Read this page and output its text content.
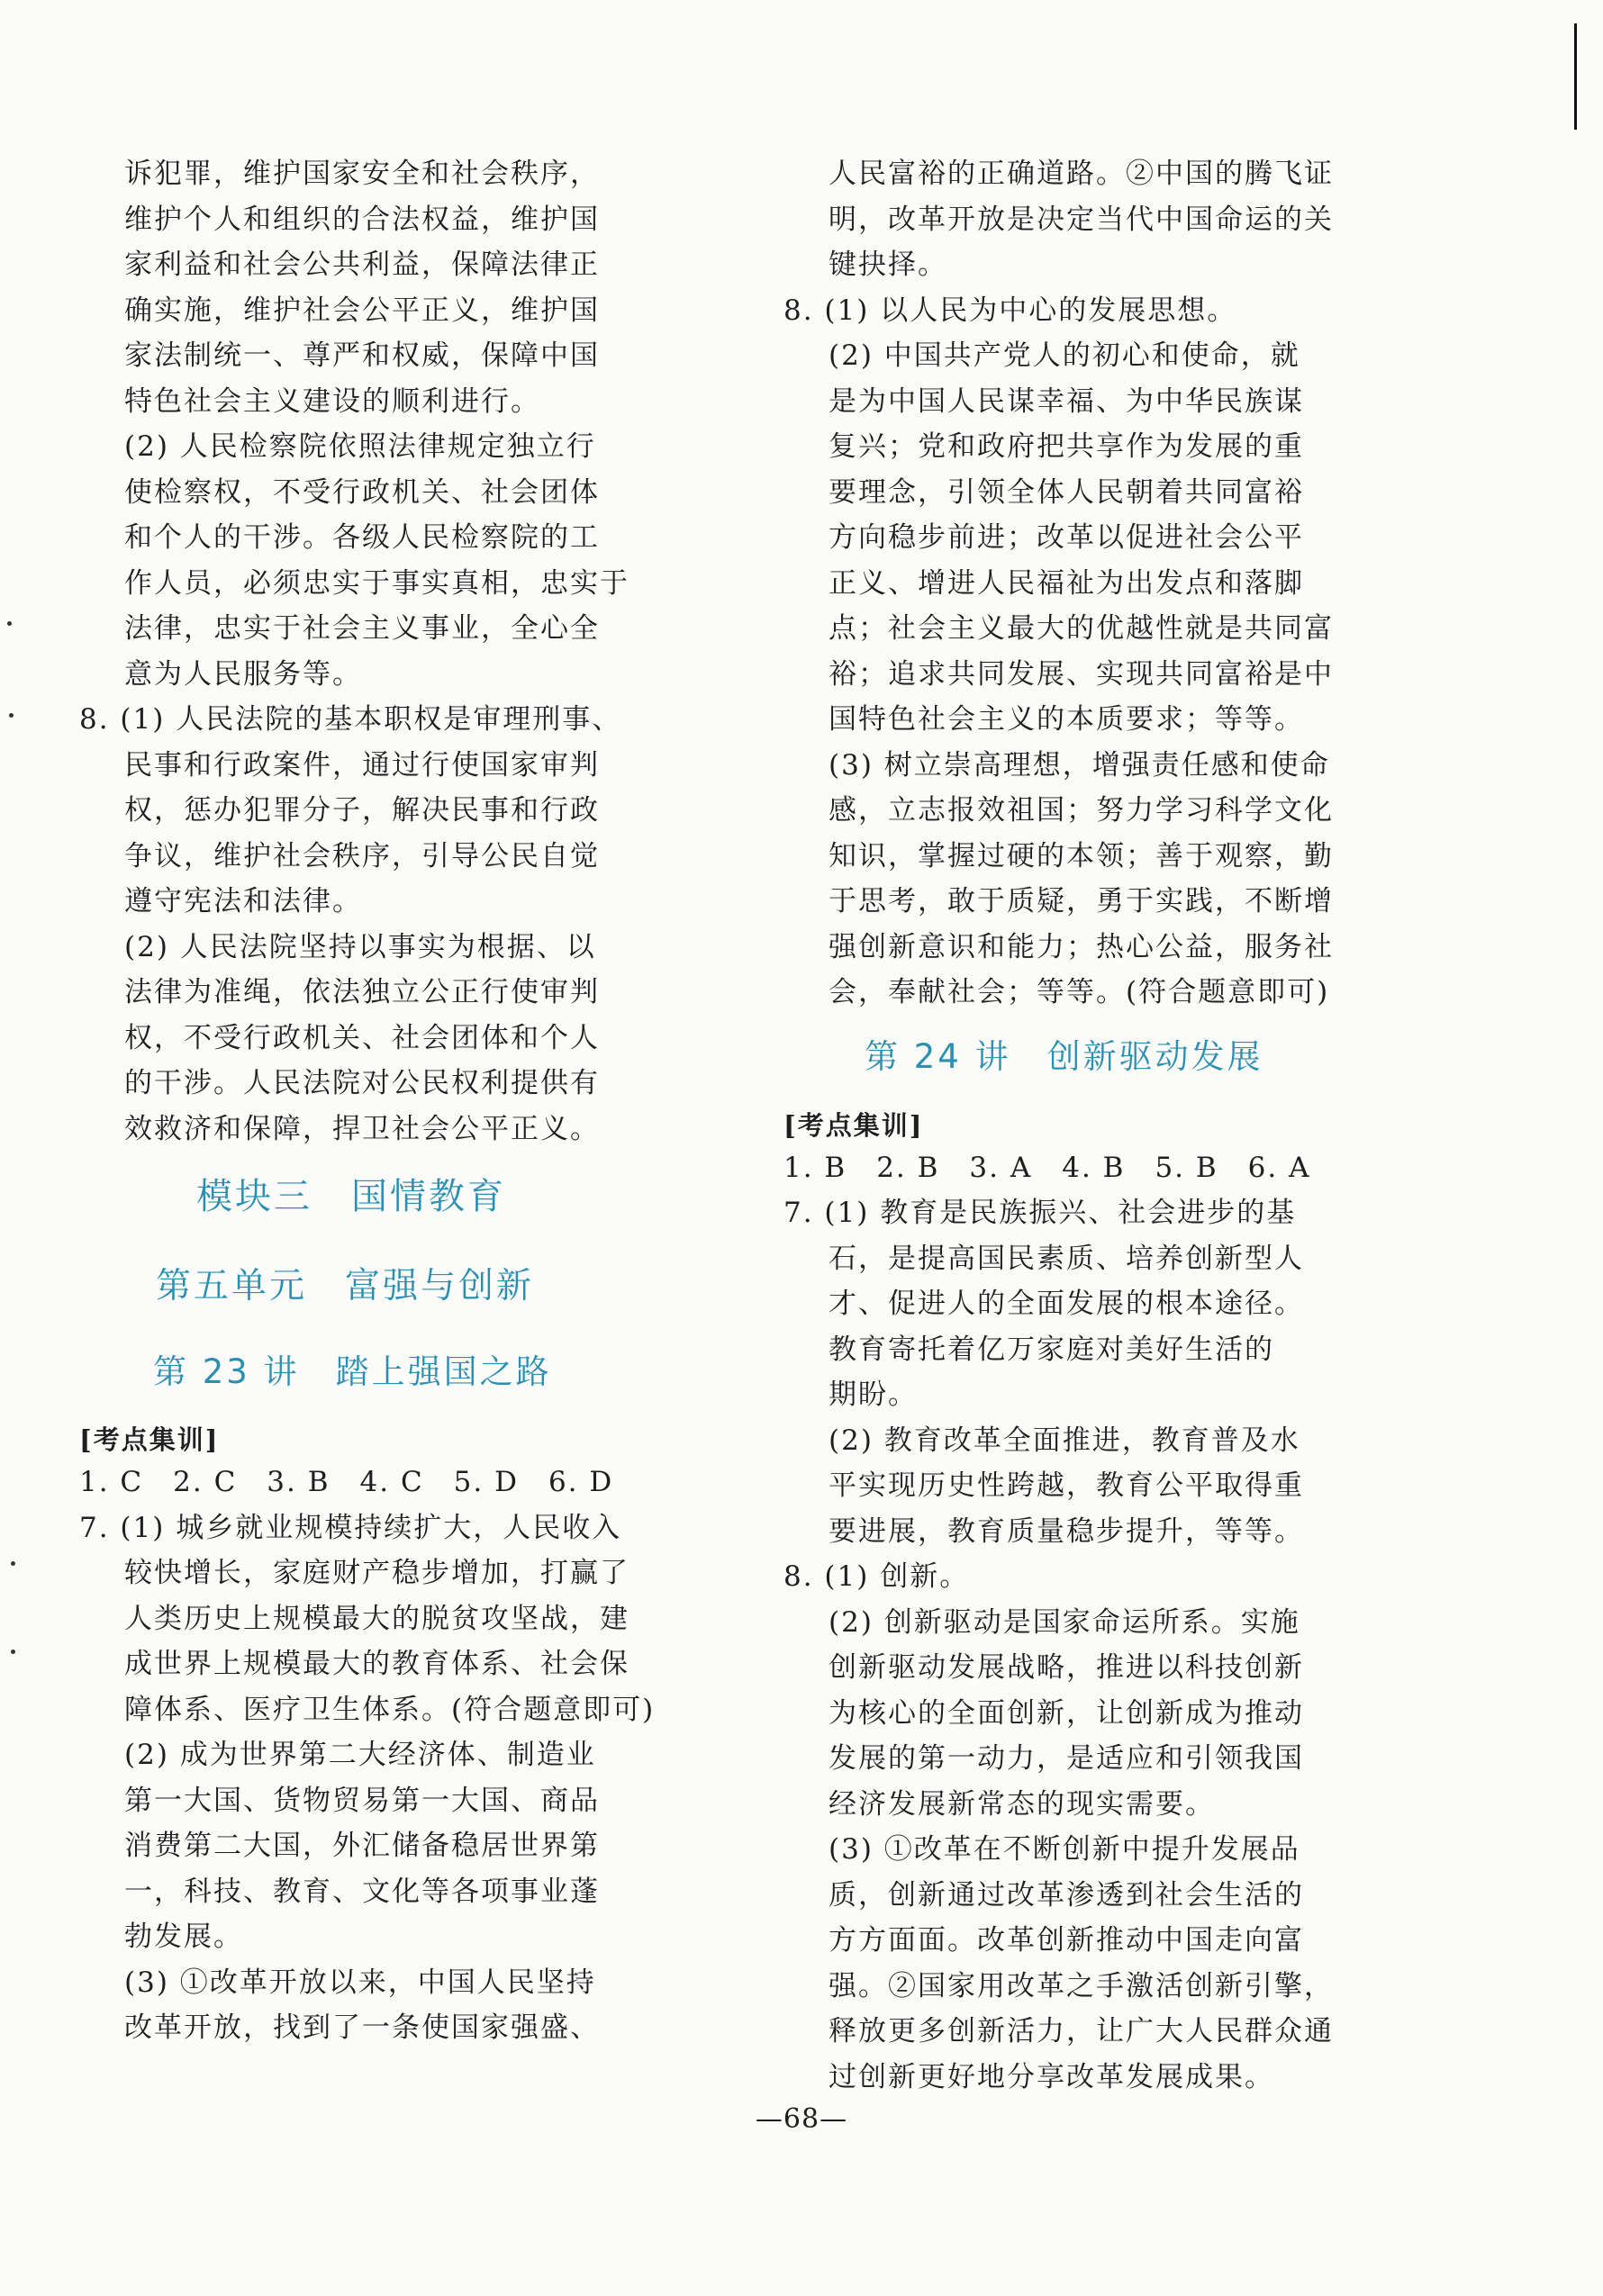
诉犯罪，维护国家安全和社会秩序，
维护个人和组织的合法权益，维护国
家利益和社会公共利益，保障法律正
确实施，维护社会公平正义，维护国
家法制统一、尊严和权威，保障中国
特色社会主义建设的顺利进行。
(2) 人民检察院依照法律规定独立行
使检察权，不受行政机关、社会团体
和个人的干涉。各级人民检察院的工
作人员，必须忠实于事实真相，忠实于
法律，忠实于社会主义事业，全心全
意为人民服务等。
8. (1) 人民法院的基本职权是审理刑事、
民事和行政案件，通过行使国家审判
权，惩办犯罪分子，解决民事和行政
争议，维护社会秩序，引导公民自觉
遵守宪法和法律。
(2) 人民法院坚持以事实为根据、以
法律为准绳，依法独立公正行使审判
权，不受行政机关、社会团体和个人
的干涉。人民法院对公民权利提供有
效救济和保障，捍卫社会公平正义。
模块三　国情教育
第五单元　富强与创新
第 23 讲　踏上强国之路
[考点集训]
1. C　2. C　3. B　4. C　5. D　6. D
7. (1) 城乡就业规模持续扩大，人民收入
较快增长，家庭财产稳步增加，打赢了
人类历史上规模最大的脱贫攻坚战，建
成世界上规模最大的教育体系、社会保
障体系、医疗卫生体系。(符合题意即可)
(2) 成为世界第二大经济体、制造业
第一大国、货物贸易第一大国、商品
消费第二大国，外汇储备稳居世界第
一，科技、教育、文化等各项事业蓬
勃发展。
(3) ①改革开放以来，中国人民坚持
改革开放，找到了一条使国家强盛、
人民富裕的正确道路。②中国的腾飞证
明，改革开放是决定当代中国命运的关
键抉择。
8. (1) 以人民为中心的发展思想。
(2) 中国共产党人的初心和使命，就
是为中国人民谋幸福、为中华民族谋
复兴；党和政府把共享作为发展的重
要理念，引领全体人民朝着共同富裕
方向稳步前进；改革以促进社会公平
正义、增进人民福祉为出发点和落脚
点；社会主义最大的优越性就是共同富
裕；追求共同发展、实现共同富裕是中
国特色社会主义的本质要求；等等。
(3) 树立崇高理想，增强责任感和使命
感，立志报效祖国；努力学习科学文化
知识，掌握过硬的本领；善于观察，勤
于思考，敢于质疑，勇于实践，不断增
强创新意识和能力；热心公益，服务社
会，奉献社会；等等。(符合题意即可)
第 24 讲　创新驱动发展
[考点集训]
1. B　2. B　3. A　4. B　5. B　6. A
7. (1) 教育是民族振兴、社会进步的基
石，是提高国民素质、培养创新型人
才、促进人的全面发展的根本途径。
教育寄托着亿万家庭对美好生活的
期盼。
(2) 教育改革全面推进，教育普及水
平实现历史性跨越，教育公平取得重
要进展，教育质量稳步提升，等等。
8. (1) 创新。
(2) 创新驱动是国家命运所系。实施
创新驱动发展战略，推进以科技创新
为核心的全面创新，让创新成为推动
发展的第一动力，是适应和引领我国
经济发展新常态的现实需要。
(3) ①改革在不断创新中提升发展品
质，创新通过改革渗透到社会生活的
方方面面。改革创新推动中国走向富
强。②国家用改革之手激活创新引擎，
释放更多创新活力，让广大人民群众通
过创新更好地分享改革发展成果。
—68—
